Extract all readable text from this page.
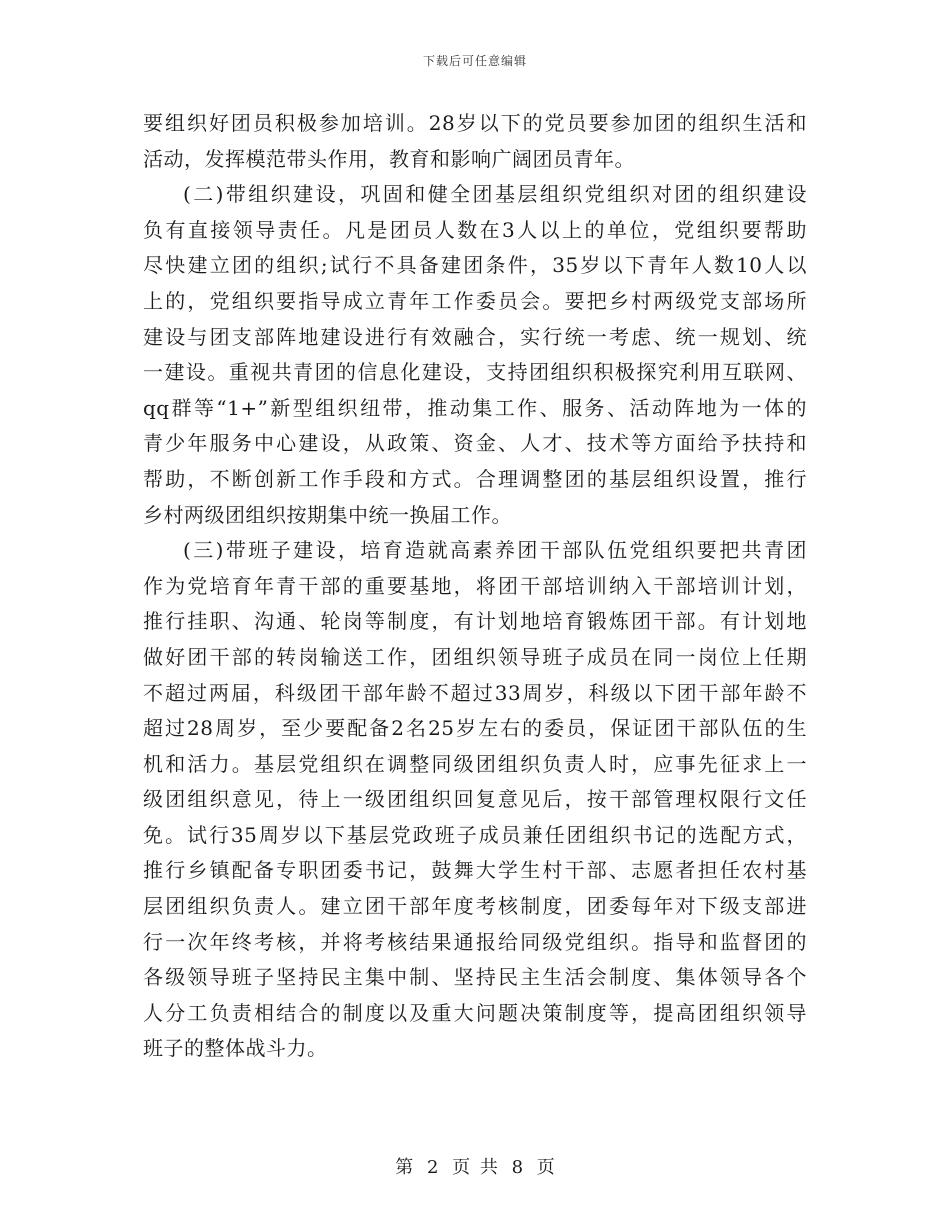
下载后可任意编辑
要组织好团员积极参加培训。28岁以下的党员要参加团的组织生活和
活动，发挥模范带头作用，教育和影响广阔团员青年。
(二)带组织建设，巩固和健全团基层组织党组织对团的组织建设
负有直接领导责任。凡是团员人数在3人以上的单位，党组织要帮助
尽快建立团的组织;试行不具备建团条件，35岁以下青年人数10人以
上的，党组织要指导成立青年工作委员会。要把乡村两级党支部场所
建设与团支部阵地建设进行有效融合，实行统一考虑、统一规划、统
一建设。重视共青团的信息化建设，支持团组织积极探究利用互联网、
qq群等“1+”新型组织纽带，推动集工作、服务、活动阵地为一体的
青少年服务中心建设，从政策、资金、人才、技术等方面给予扶持和
帮助，不断创新工作手段和方式。合理调整团的基层组织设置，推行
乡村两级团组织按期集中统一换届工作。
(三)带班子建设，培育造就高素养团干部队伍党组织要把共青团
作为党培育年青干部的重要基地，将团干部培训纳入干部培训计划，
推行挂职、沟通、轮岗等制度，有计划地培育锻炼团干部。有计划地
做好团干部的转岗输送工作，团组织领导班子成员在同一岗位上任期
不超过两届，科级团干部年龄不超过33周岁，科级以下团干部年龄不
超过28周岁，至少要配备2名25岁左右的委员，保证团干部队伍的生
机和活力。基层党组织在调整同级团组织负责人时，应事先征求上一
级团组织意见，待上一级团组织回复意见后，按干部管理权限行文任
免。试行35周岁以下基层党政班子成员兼任团组织书记的选配方式，
推行乡镇配备专职团委书记，鼓舞大学生村干部、志愿者担任农村基
层团组织负责人。建立团干部年度考核制度，团委每年对下级支部进
行一次年终考核，并将考核结果通报给同级党组织。指导和监督团的
各级领导班子坚持民主集中制、坚持民主生活会制度、集体领导各个
人分工负责相结合的制度以及重大问题决策制度等，提高团组织领导
班子的整体战斗力。
第 2 页 共 8 页
